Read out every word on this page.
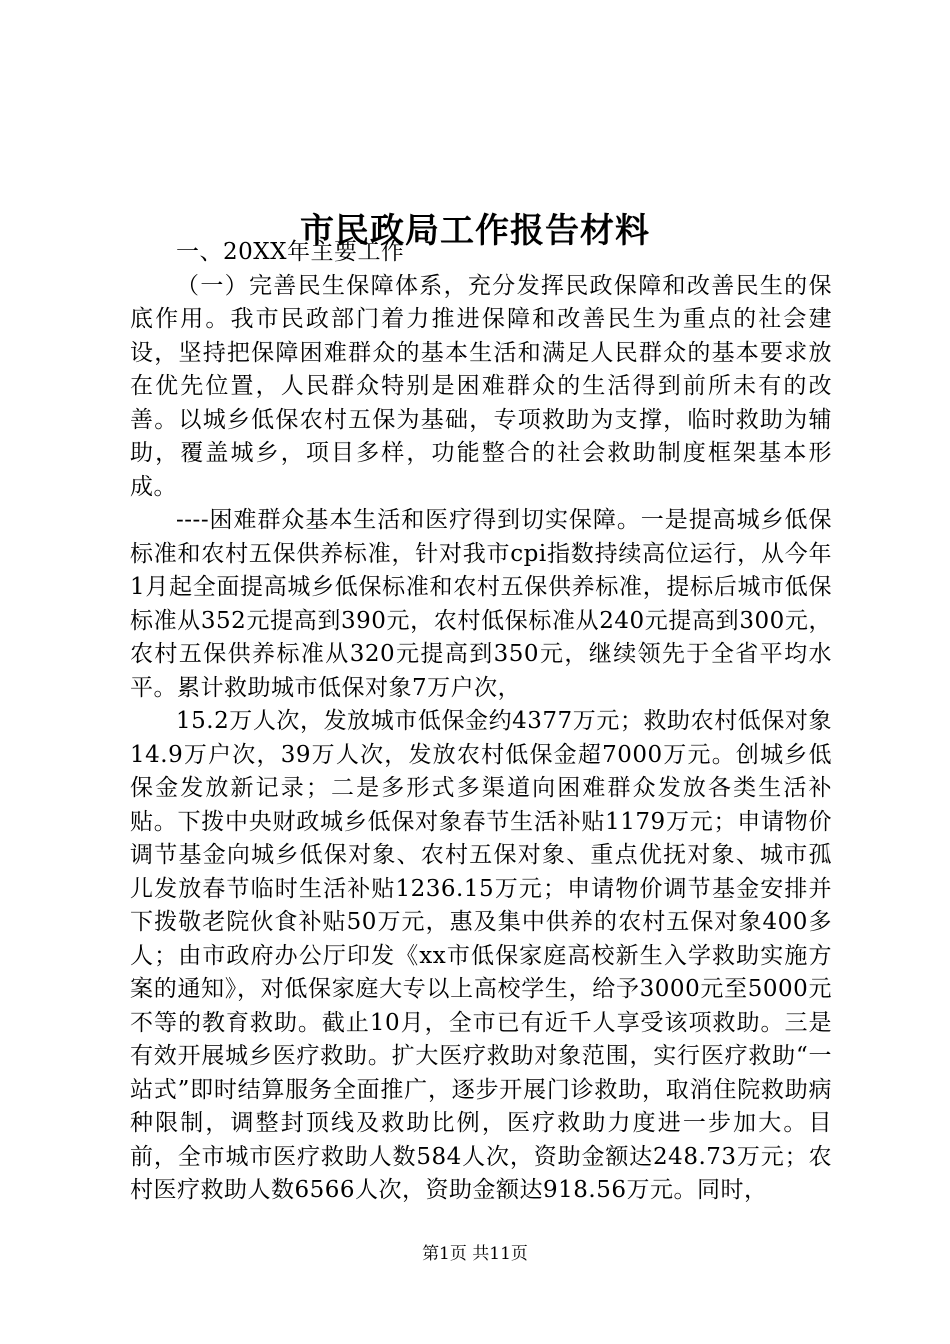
市民政局工作报告材料

一、20XX年主要工作

（一）完善民生保障体系，充分发挥民政保障和改善民生的保底作用。我市民政部门着力推进保障和改善民生为重点的社会建设，坚持把保障困难群众的基本生活和满足人民群众的基本要求放在优先位置，人民群众特别是困难群众的生活得到前所未有的改善。以城乡低保农村五保为基础，专项救助为支撑，临时救助为辅助，覆盖城乡，项目多样，功能整合的社会救助制度框架基本形成。

----困难群众基本生活和医疗得到切实保障。一是提高城乡低保标准和农村五保供养标准，针对我市cpi指数持续高位运行，从今年1月起全面提高城乡低保标准和农村五保供养标准，提标后城市低保标准从352元提高到390元，农村低保标准从240元提高到300元，农村五保供养标准从320元提高到350元，继续领先于全省平均水平。累计救助城市低保对象7万户次，

15.2万人次，发放城市低保金约4377万元；救助农村低保对象14.9万户次，39万人次，发放农村低保金超7000万元。创城乡低保金发放新记录；二是多形式多渠道向困难群众发放各类生活补贴。下拨中央财政城乡低保对象春节生活补贴1179万元；申请物价调节基金向城乡低保对象、农村五保对象、重点优抚对象、城市孤儿发放春节临时生活补贴1236.15万元；申请物价调节基金安排并下拨敬老院伙食补贴50万元，惠及集中供养的农村五保对象400多人；由市政府办公厅印发《xx市低保家庭高校新生入学救助实施方案的通知》，对低保家庭大专以上高校学生，给予3000元至5000元不等的教育救助。截止10月，全市已有近千人享受该项救助。三是有效开展城乡医疗救助。扩大医疗救助对象范围，实行医疗救助“一站式”即时结算服务全面推广，逐步开展门诊救助，取消住院救助病种限制，调整封顶线及救助比例，医疗救助力度进一步加大。目前，全市城市医疗救助人数584人次，资助金额达248.73万元；农村医疗救助人数6566人次，资助金额达918.56万元。同时，

第1页 共11页
